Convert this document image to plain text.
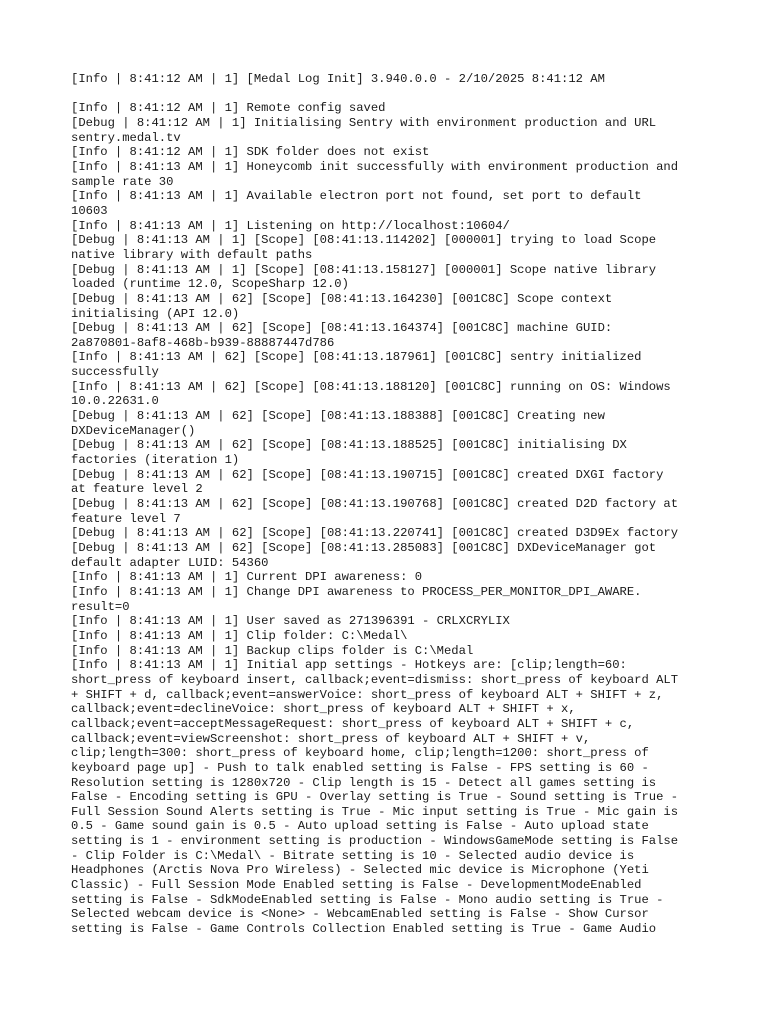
[Info | 8:41:12 AM | 1] [Medal Log Init] 3.940.0.0 - 2/10/2025 8:41:12 AM

[Info | 8:41:12 AM | 1] Remote config saved
[Debug | 8:41:12 AM | 1] Initialising Sentry with environment production and URL
sentry.medal.tv
[Info | 8:41:12 AM | 1] SDK folder does not exist
[Info | 8:41:13 AM | 1] Honeycomb init successfully with environment production and
sample rate 30
[Info | 8:41:13 AM | 1] Available electron port not found, set port to default
10603
[Info | 8:41:13 AM | 1] Listening on http://localhost:10604/
[Debug | 8:41:13 AM | 1] [Scope] [08:41:13.114202] [000001] trying to load Scope
native library with default paths
[Debug | 8:41:13 AM | 1] [Scope] [08:41:13.158127] [000001] Scope native library
loaded (runtime 12.0, ScopeSharp 12.0)
[Debug | 8:41:13 AM | 62] [Scope] [08:41:13.164230] [001C8C] Scope context
initialising (API 12.0)
[Debug | 8:41:13 AM | 62] [Scope] [08:41:13.164374] [001C8C] machine GUID:
2a870801-8af8-468b-b939-88887447d786
[Info | 8:41:13 AM | 62] [Scope] [08:41:13.187961] [001C8C] sentry initialized
successfully
[Info | 8:41:13 AM | 62] [Scope] [08:41:13.188120] [001C8C] running on OS: Windows
10.0.22631.0
[Debug | 8:41:13 AM | 62] [Scope] [08:41:13.188388] [001C8C] Creating new
DXDeviceManager()
[Debug | 8:41:13 AM | 62] [Scope] [08:41:13.188525] [001C8C] initialising DX
factories (iteration 1)
[Debug | 8:41:13 AM | 62] [Scope] [08:41:13.190715] [001C8C] created DXGI factory
at feature level 2
[Debug | 8:41:13 AM | 62] [Scope] [08:41:13.190768] [001C8C] created D2D factory at
feature level 7
[Debug | 8:41:13 AM | 62] [Scope] [08:41:13.220741] [001C8C] created D3D9Ex factory
[Debug | 8:41:13 AM | 62] [Scope] [08:41:13.285083] [001C8C] DXDeviceManager got
default adapter LUID: 54360
[Info | 8:41:13 AM | 1] Current DPI awareness: 0
[Info | 8:41:13 AM | 1] Change DPI awareness to PROCESS_PER_MONITOR_DPI_AWARE.
result=0
[Info | 8:41:13 AM | 1] User saved as 271396391 - CRLXCRYLIX
[Info | 8:41:13 AM | 1] Clip folder: C:\Medal\
[Info | 8:41:13 AM | 1] Backup clips folder is C:\Medal
[Info | 8:41:13 AM | 1] Initial app settings - Hotkeys are: [clip;length=60:
short_press of keyboard insert, callback;event=dismiss: short_press of keyboard ALT
+ SHIFT + d, callback;event=answerVoice: short_press of keyboard ALT + SHIFT + z,
callback;event=declineVoice: short_press of keyboard ALT + SHIFT + x,
callback;event=acceptMessageRequest: short_press of keyboard ALT + SHIFT + c,
callback;event=viewScreenshot: short_press of keyboard ALT + SHIFT + v,
clip;length=300: short_press of keyboard home, clip;length=1200: short_press of
keyboard page up] - Push to talk enabled setting is False - FPS setting is 60 -
Resolution setting is 1280x720 - Clip length is 15 - Detect all games setting is
False - Encoding setting is GPU - Overlay setting is True - Sound setting is True -
Full Session Sound Alerts setting is True - Mic input setting is True - Mic gain is
0.5 - Game sound gain is 0.5 - Auto upload setting is False - Auto upload state
setting is 1 - environment setting is production - WindowsGameMode setting is False
- Clip Folder is C:\Medal\ - Bitrate setting is 10 - Selected audio device is
Headphones (Arctis Nova Pro Wireless) - Selected mic device is Microphone (Yeti
Classic) - Full Session Mode Enabled setting is False - DevelopmentModeEnabled
setting is False - SdkModeEnabled setting is False - Mono audio setting is True -
Selected webcam device is <None> - WebcamEnabled setting is False - Show Cursor
setting is False - Game Controls Collection Enabled setting is True - Game Audio
